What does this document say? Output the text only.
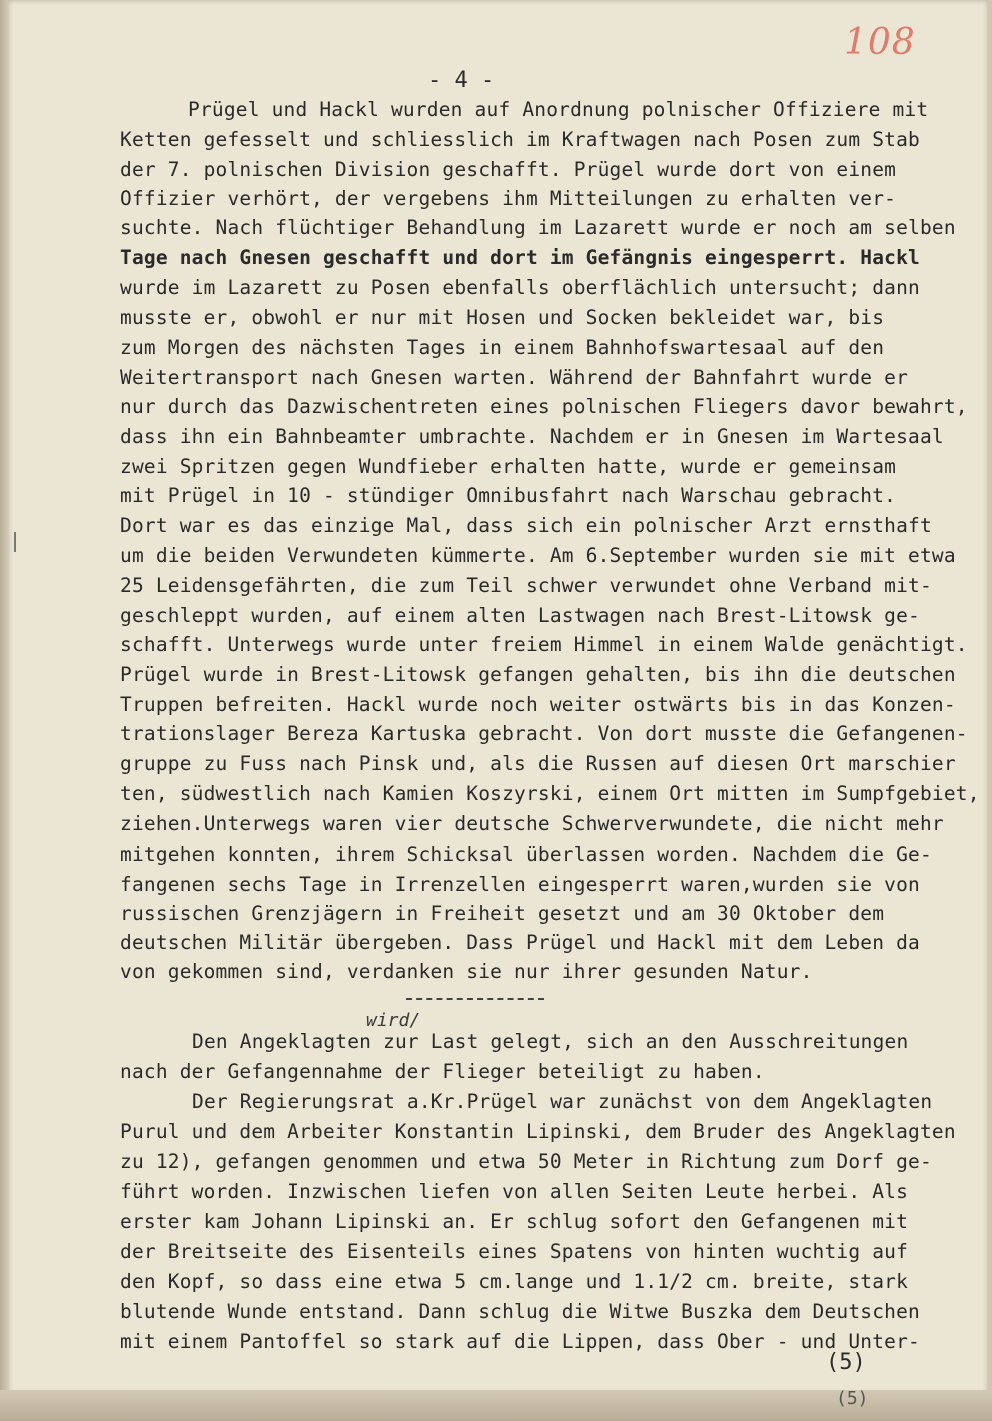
108
- 4 -
Prügel und Hackl wurden auf Anordnung polnischer Offiziere mit
Ketten gefesselt und schliesslich im Kraftwagen nach Posen zum Stab
der 7. polnischen Division geschafft. Prügel wurde dort von einem
Offizier verhört, der vergebens ihm Mitteilungen zu erhalten ver-
suchte. Nach flüchtiger Behandlung im Lazarett wurde er noch am selben
Tage nach Gnesen geschafft und dort im Gefängnis eingesperrt. Hackl
wurde im Lazarett zu Posen ebenfalls oberflächlich untersucht; dann
musste er, obwohl er nur mit Hosen und Socken bekleidet war, bis
zum Morgen des nächsten Tages in einem Bahnhofswartesaal auf den
Weitertransport nach Gnesen warten. Während der Bahnfahrt wurde er
nur durch das Dazwischentreten eines polnischen Fliegers davor bewahrt,
dass ihn ein Bahnbeamter umbrachte. Nachdem er in Gnesen im Wartesaal
zwei Spritzen gegen Wundfieber erhalten hatte, wurde er gemeinsam
mit Prügel in 10 - stündiger Omnibusfahrt nach Warschau gebracht.
Dort war es das einzige Mal, dass sich ein polnischer Arzt ernsthaft
um die beiden Verwundeten kümmerte. Am 6.September wurden sie mit etwa
25 Leidensgefährten, die zum Teil schwer verwundet ohne Verband mit-
geschleppt wurden, auf einem alten Lastwagen nach Brest-Litowsk ge-
schafft. Unterwegs wurde unter freiem Himmel in einem Walde genächtigt.
Prügel wurde in Brest-Litowsk gefangen gehalten, bis ihn die deutschen
Truppen befreiten. Hackl wurde noch weiter ostwärts bis in das Konzen-
trationslager Bereza Kartuska gebracht. Von dort musste die Gefangenen-
gruppe zu Fuss nach Pinsk und, als die Russen auf diesen Ort marschier
ten, südwestlich nach Kamien Koszyrski, einem Ort mitten im Sumpfgebiet,
ziehen.Unterwegs waren vier deutsche Schwerverwundete, die nicht mehr
mitgehen konnten, ihrem Schicksal überlassen worden. Nachdem die Ge-
fangenen sechs Tage in Irrenzellen eingesperrt waren,wurden sie von
russischen Grenzjägern in Freiheit gesetzt und am 30 Oktober dem
deutschen Militär übergeben. Dass Prügel und Hackl mit dem Leben da
von gekommen sind, verdanken sie nur ihrer gesunden Natur.
wird/
Den Angeklagten zur Last gelegt, sich an den Ausschreitungen
nach der Gefangennahme der Flieger beteiligt zu haben.
Der Regierungsrat a.Kr.Prügel war zunächst von dem Angeklagten
Purul und dem Arbeiter Konstantin Lipinski, dem Bruder des Angeklagten
zu 12), gefangen genommen und etwa 50 Meter in Richtung zum Dorf ge-
führt worden. Inzwischen liefen von allen Seiten Leute herbei. Als
erster kam Johann Lipinski an. Er schlug sofort den Gefangenen mit
der Breitseite des Eisenteils eines Spatens von hinten wuchtig auf
den Kopf, so dass eine etwa 5 cm.lange und 1.1/2 cm. breite, stark
blutende Wunde entstand. Dann schlug die Witwe Buszka dem Deutschen
mit einem Pantoffel so stark auf die Lippen, dass Ober - und Unter-
(5)
(5)
